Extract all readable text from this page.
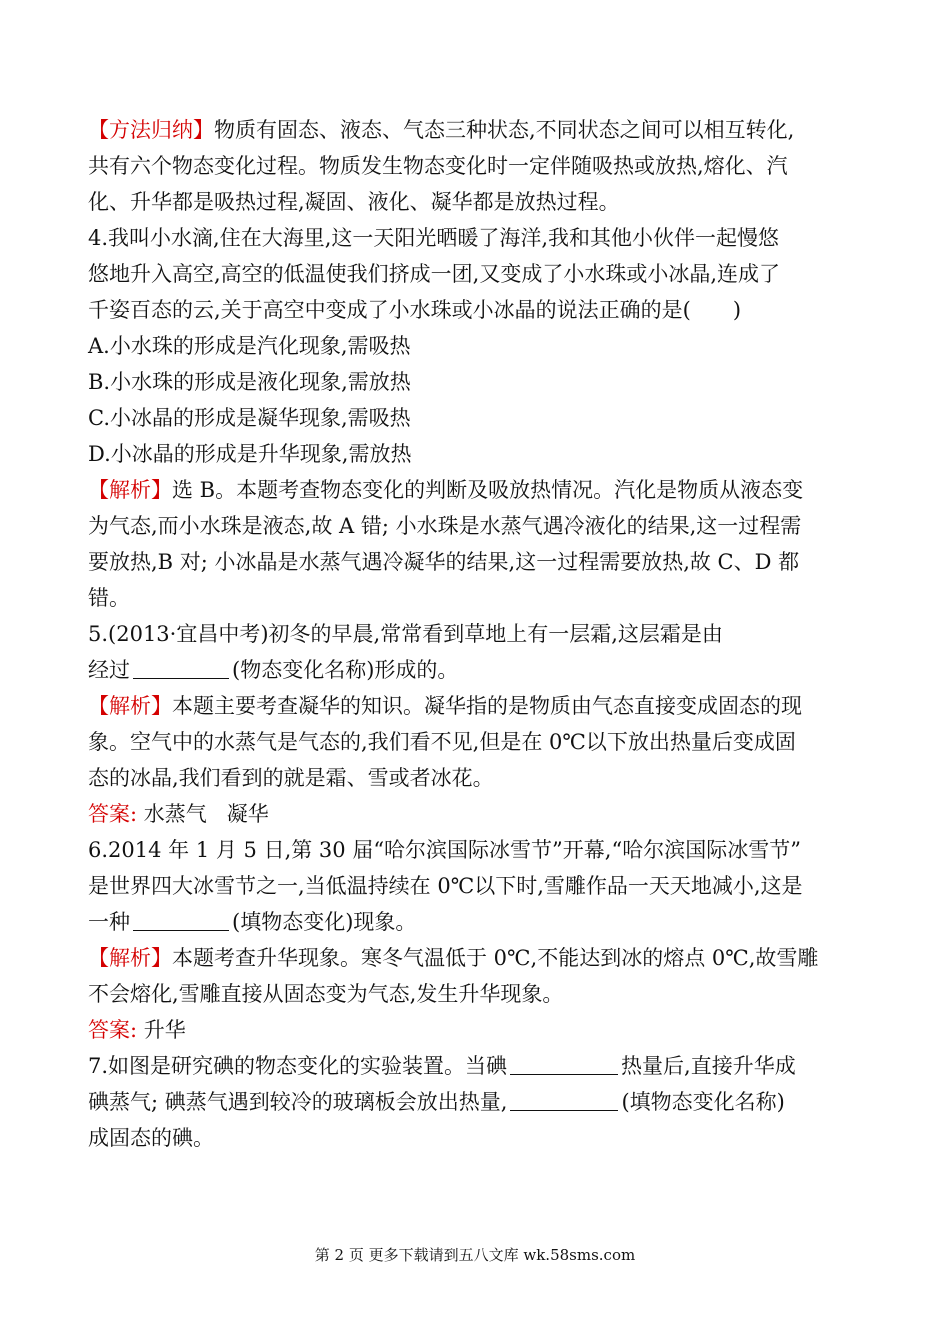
【方法归纳】物质有固态、液态、气态三种状态,不同状态之间可以相互转化,

共有六个物态变化过程。物质发生物态变化时一定伴随吸热或放热,熔化、汽

化、升华都是吸热过程,凝固、液化、凝华都是放热过程。

4.我叫小水滴,住在大海里,这一天阳光晒暖了海洋,我和其他小伙伴一起慢悠

悠地升入高空,高空的低温使我们挤成一团,又变成了小水珠或小冰晶,连成了

千姿百态的云,关于高空中变成了小水珠或小冰晶的说法正确的是( )

A.小水珠的形成是汽化现象,需吸热

B.小水珠的形成是液化现象,需放热

C.小冰晶的形成是凝华现象,需吸热

D.小冰晶的形成是升华现象,需放热

【解析】选 B。本题考查物态变化的判断及吸放热情况。汽化是物质从液态变

为气态,而小水珠是液态,故 A 错; 小水珠是水蒸气遇冷液化的结果,这一过程需

要放热,B 对; 小冰晶是水蒸气遇冷凝华的结果,这一过程需要放热,故 C、D 都

错。

5.(2013·宜昌中考)初冬的早晨,常常看到草地上有一层霜,这层霜是由

经过	(物态变化名称)形成的。

【解析】本题主要考查凝华的知识。凝华指的是物质由气态直接变成固态的现

象。空气中的水蒸气是气态的,我们看不见,但是在 0℃以下放出热量后变成固

态的冰晶,我们看到的就是霜、雪或者冰花。

答案: 水蒸气   凝华

6.2014 年 1 月 5 日,第 30 届“哈尔滨国际冰雪节”开幕,“哈尔滨国际冰雪节”

是世界四大冰雪节之一,当低温持续在 0℃以下时,雪雕作品一天天地减小,这是

一种	(填物态变化)现象。

【解析】本题考查升华现象。寒冬气温低于 0℃,不能达到冰的熔点 0℃,故雪雕

不会熔化,雪雕直接从固态变为气态,发生升华现象。

答案: 升华

7.如图是研究碘的物态变化的实验装置。当碘	热量后,直接升华成

碘蒸气; 碘蒸气遇到较冷的玻璃板会放出热量,	(填物态变化名称)

成固态的碘。

第 2 页 更多下载请到五八文库 wk.58sms.com
